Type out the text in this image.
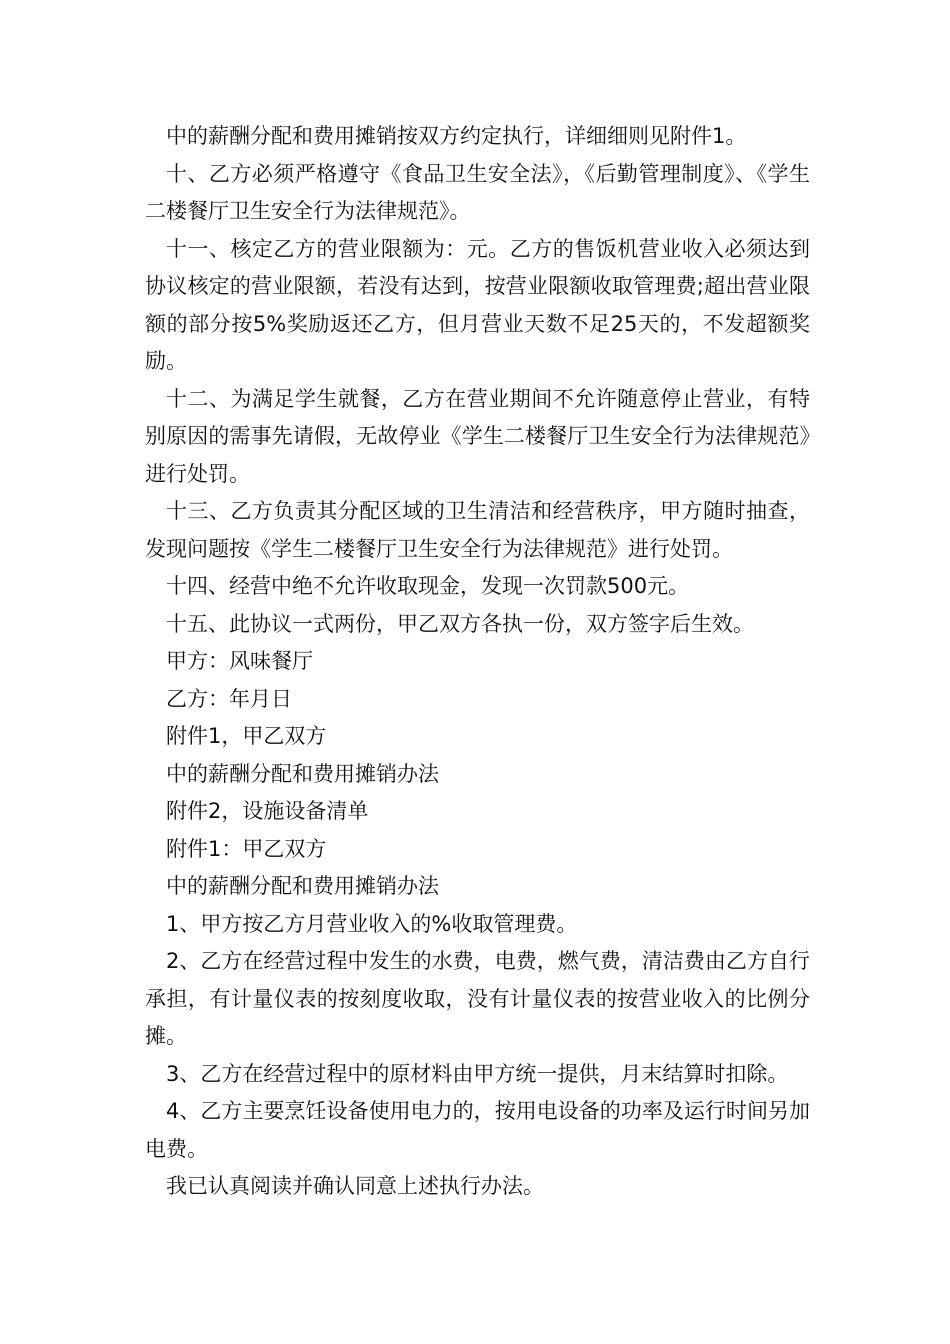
中的薪酬分配和费用摊销按双方约定执行，详细细则见附件1。

十、乙方必须严格遵守《食品卫生安全法》，《后勤管理制度》、《学生二楼餐厅卫生安全行为法律规范》。

十一、核定乙方的营业限额为：元。乙方的售饭机营业收入必须达到协议核定的营业限额，若没有达到，按营业限额收取管理费;超出营业限额的部分按5%奖励返还乙方，但月营业天数不足25天的，不发超额奖励。

十二、为满足学生就餐，乙方在营业期间不允许随意停止营业，有特别原因的需事先请假，无故停业《学生二楼餐厅卫生安全行为法律规范》进行处罚。

十三、乙方负责其分配区域的卫生清洁和经营秩序，甲方随时抽查，发现问题按《学生二楼餐厅卫生安全行为法律规范》进行处罚。

十四、经营中绝不允许收取现金，发现一次罚款500元。

十五、此协议一式两份，甲乙双方各执一份，双方签字后生效。

甲方：风味餐厅

乙方：年月日

附件1，甲乙双方

中的薪酬分配和费用摊销办法

附件2，设施设备清单

附件1：甲乙双方

中的薪酬分配和费用摊销办法

1、甲方按乙方月营业收入的%收取管理费。

2、乙方在经营过程中发生的水费，电费，燃气费，清洁费由乙方自行承担，有计量仪表的按刻度收取，没有计量仪表的按营业收入的比例分摊。

3、乙方在经营过程中的原材料由甲方统一提供，月末结算时扣除。

4、乙方主要烹饪设备使用电力的，按用电设备的功率及运行时间另加电费。

我已认真阅读并确认同意上述执行办法。
